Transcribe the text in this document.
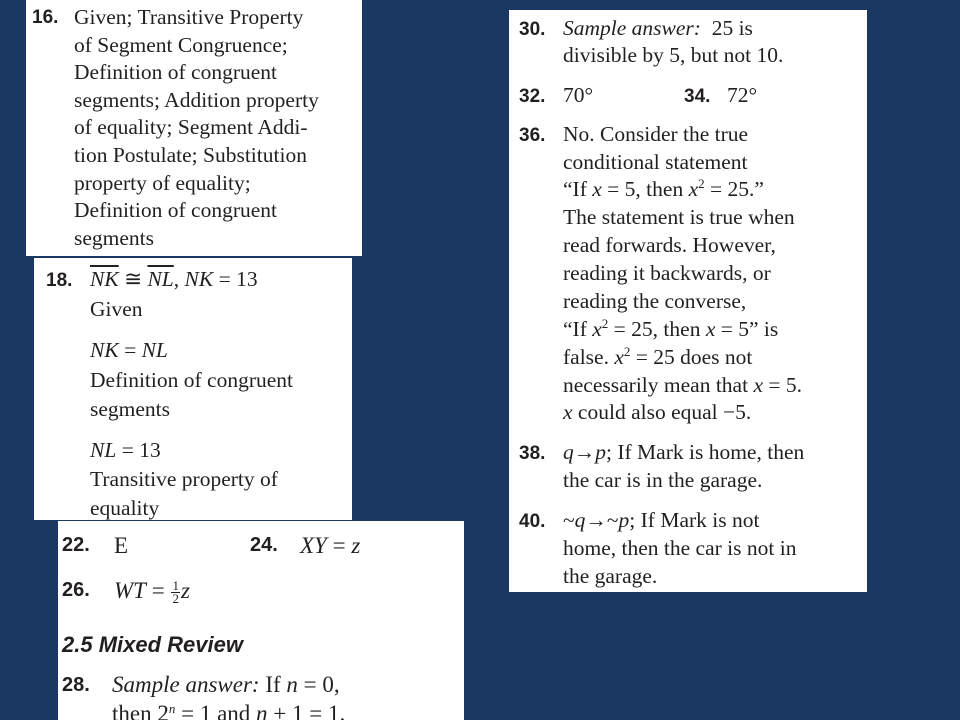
16. Given; Transitive Property
of Segment Congruence;
Definition of congruent
segments; Addition property
of equality; Segment Addi-
tion Postulate; Substitution
property of equality;
Definition of congruent
segments
18. $\overline{NK}$ ≅ $\overline{NL}$, NK = 13
Given
NK = NL
Definition of congruent
segments
NL = 13
Transitive property of
equality
22. E	24. XY = z
26. WT = $\frac{1}{2}$ z
2.5 Mixed Review
28. Sample answer: If n = 0,
then $2^n = 1$ and n + 1 = 1.
30. Sample answer:  25 is
divisible by 5, but not 10.
32. 70°	34. 72°
36. No. Consider the true
conditional statement
“If x = 5, then $x^2 = 25$.”
The statement is true when
read forwards. However,
reading it backwards, or
reading the converse,
“If $x^2 = 25$, then x = 5” is
false. $x^2 = 25$ does not
necessarily mean that x = 5.
x could also equal −5.
38. q→p; If Mark is home, then
the car is in the garage.
40. ~q→~p; If Mark is not
home, then the car is not in
the garage.
